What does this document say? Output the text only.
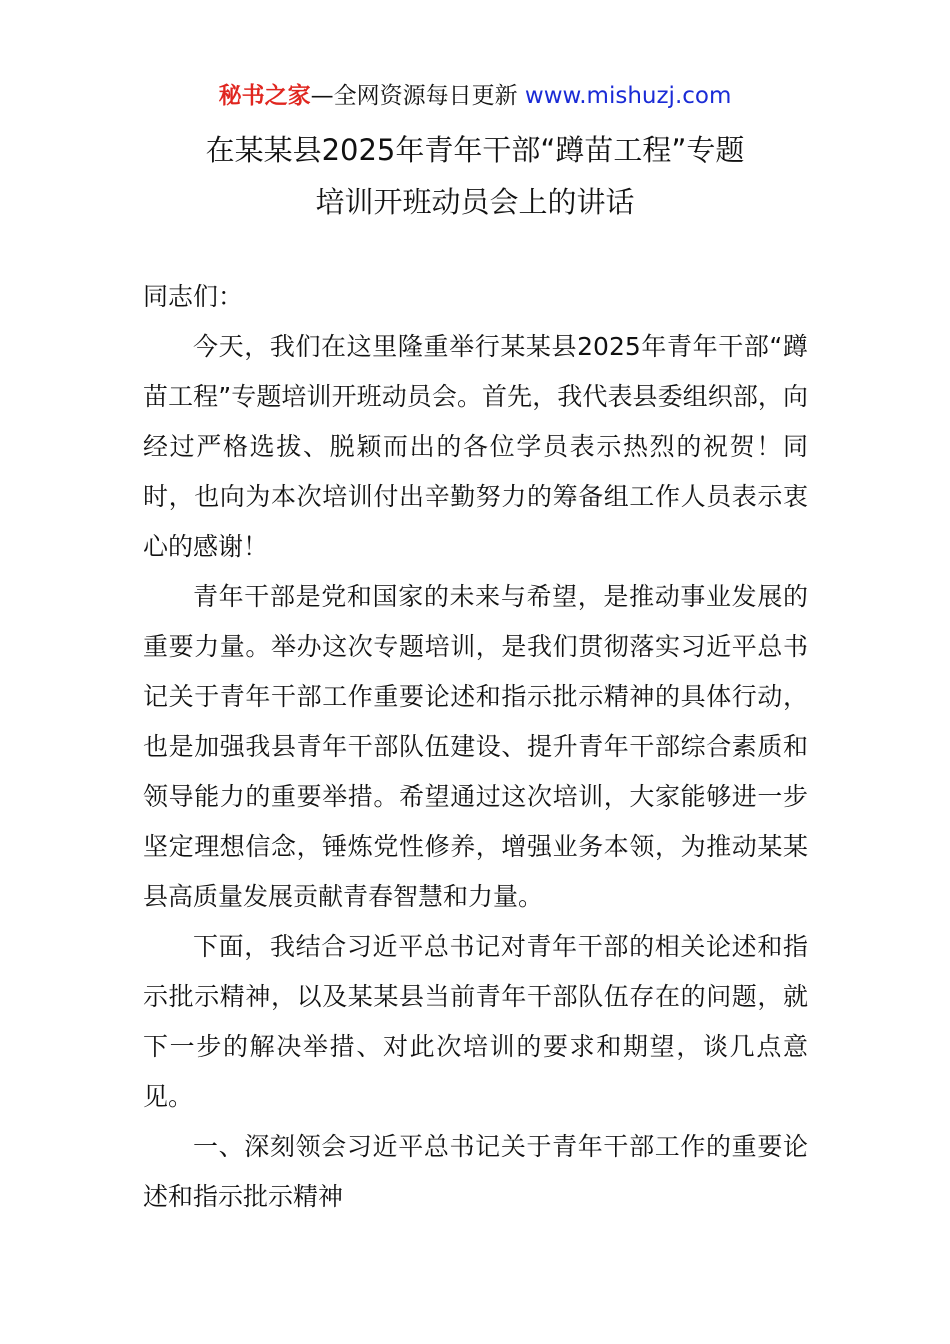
秘书之家—全网资源每日更新 www.mishuzj.com
在某某县2025年青年干部“蹲苗工程”专题
培训开班动员会上的讲话

同志们：

今天，我们在这里隆重举行某某县2025年青年干部“蹲苗工程”专题培训开班动员会。首先，我代表县委组织部，向经过严格选拔、脱颖而出的各位学员表示热烈的祝贺！同时，也向为本次培训付出辛勤努力的筹备组工作人员表示衷心的感谢！

青年干部是党和国家的未来与希望，是推动事业发展的重要力量。举办这次专题培训，是我们贯彻落实习近平总书记关于青年干部工作重要论述和指示批示精神的具体行动，也是加强我县青年干部队伍建设、提升青年干部综合素质和领导能力的重要举措。希望通过这次培训，大家能够进一步坚定理想信念，锤炼党性修养，增强业务本领，为推动某某县高质量发展贡献青春智慧和力量。

下面，我结合习近平总书记对青年干部的相关论述和指示批示精神，以及某某县当前青年干部队伍存在的问题，就下一步的解决举措、对此次培训的要求和期望，谈几点意见。

一、深刻领会习近平总书记关于青年干部工作的重要论述和指示批示精神
